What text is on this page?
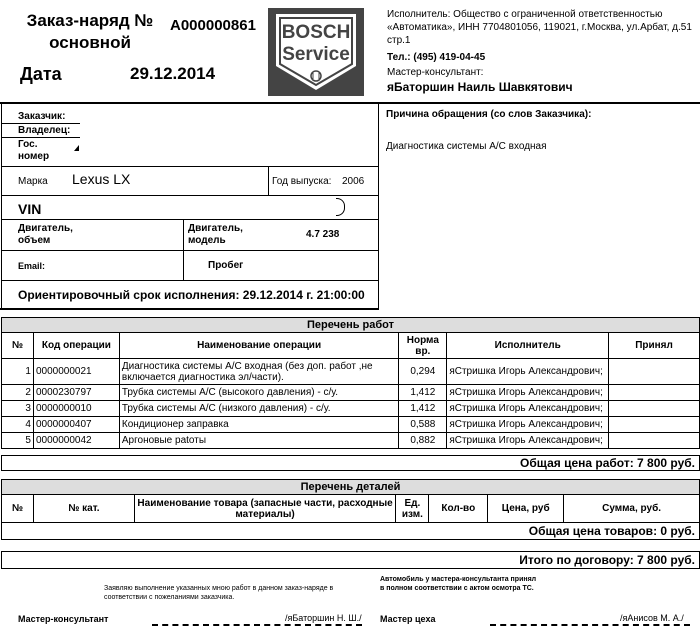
Заказ-наряд №
основной
A000000861
Дата	29.12.2014
BOSCH
Service
Исполнитель: Общество с ограниченной ответственностью «Автоматика», ИНН 7704801056, 119021, г.Москва, ул.Арбат, д.51 стр.1
Тел.: (495) 419-04-45
Мастер-консультант:
яБаторшин Наиль Шавкятович
Заказчик:
Владелец:
Гос.
номер
Причина обращения (со слов Заказчика):
Диагностика системы А/С входная
Марка Lexus LX	Год выпуска: 2006
VIN
Двигатель,
объем
Двигатель,
модель
4.7 238
Email:	Пробег
Ориентировочный срок исполнения: 29.12.2014 г. 21:00:00
Перечень работ
№	Код операции	Наименование операции	Норма вр.	Исполнитель	Принял
1	0000000021	Диагностика системы А/С входная (без доп. работ ,не включается диагностика эл/части).	0,294	яСтришка Игорь Александрович;	
2	0000230797	Трубка системы А/С (высокого давления) - с/у.	1,412	яСтришка Игорь Александрович;	
3	0000000010	Трубка системы А/С (низкого давления) - с/у.	1,412	яСтришка Игорь Александрович;	
4	0000000407	Кондиционер заправка	0,588	яСтришка Игорь Александрович;	
5	0000000042	Аргоновые раtоты	0,882	яСтришка Игорь Александрович;	
Общая цена работ: 7 800 руб.
Перечень деталей
№	№ кат.	Наименование товара (запасные части, расходные материалы)	Ед. изм.	Кол-во	Цена, руб	Сумма, руб.
Общая цена товаров: 0 руб.
Итого по договору: 7 800 руб.
Заявляю выполнение указанных мною работ в данном заказ-наряде в соответствии с пожеланиями заказчика.
Автомобиль у мастера-консультанта принял в полном соответствии с актом осмотра ТС.
Мастер-консультант	/яБаторшин Н. Ш./ Мастер цеха	/яАнисов М. А./
